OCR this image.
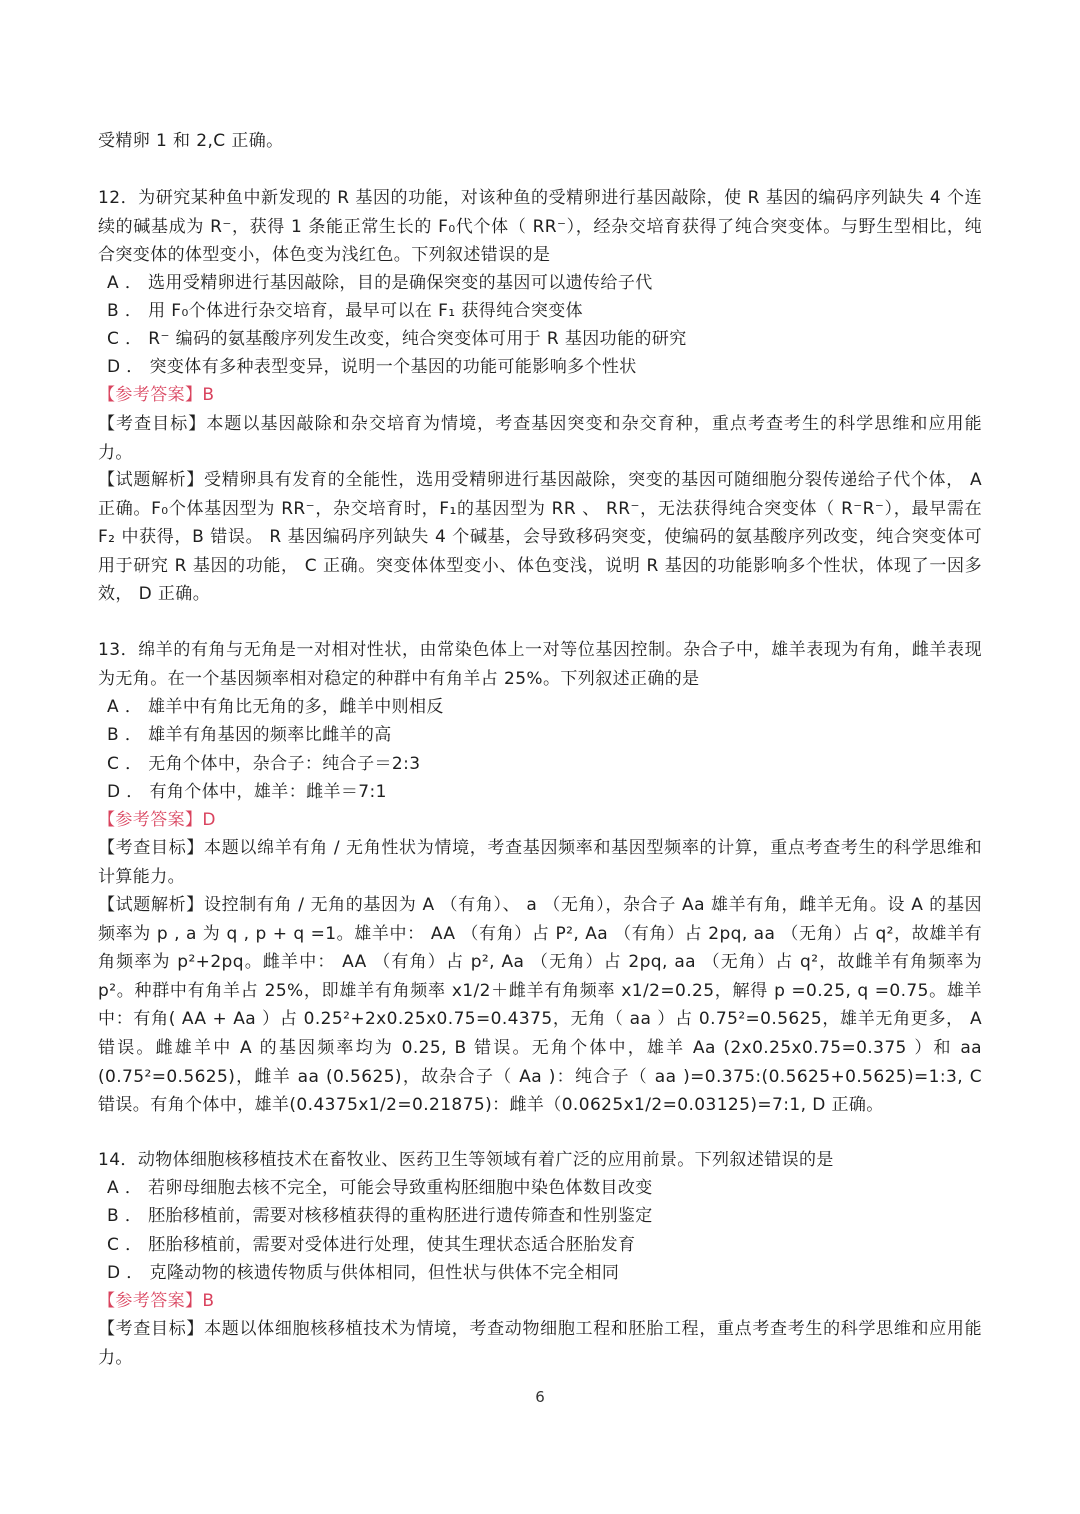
受精卵 1 和 2,C 正确。

12．为研究某种鱼中新发现的 R 基因的功能，对该种鱼的受精卵进行基因敲除，使 R 基因的编码序列缺失 4 个连续的碱基成为 R⁻，获得 1 条能正常生长的 F₀代个体（ RR⁻），经杂交培育获得了纯合突变体。与野生型相比，纯合突变体的体型变小，体色变为浅红色。下列叙述错误的是

A ． 选用受精卵进行基因敲除，目的是确保突变的基因可以遗传给子代

B ． 用 F₀个体进行杂交培育，最早可以在 F₁ 获得纯合突变体

C ． R⁻ 编码的氨基酸序列发生改变，纯合突变体可用于 R 基因功能的研究

D ． 突变体有多种表型变异，说明一个基因的功能可能影响多个性状

【参考答案】B

【考查目标】本题以基因敲除和杂交培育为情境，考查基因突变和杂交育种，重点考查考生的科学思维和应用能力。

【试题解析】受精卵具有发育的全能性，选用受精卵进行基因敲除，突变的基因可随细胞分裂传递给子代个体， A 正确。F₀个体基因型为 RR⁻，杂交培育时，F₁的基因型为 RR 、 RR⁻，无法获得纯合突变体（ R⁻R⁻），最早需在 F₂ 中获得，B 错误。 R 基因编码序列缺失 4 个碱基，会导致移码突变，使编码的氨基酸序列改变，纯合突变体可用于研究 R 基因的功能， C 正确。突变体体型变小、体色变浅，说明 R 基因的功能影响多个性状，体现了一因多效， D 正确。

13．绵羊的有角与无角是一对相对性状，由常染色体上一对等位基因控制。杂合子中，雄羊表现为有角，雌羊表现为无角。在一个基因频率相对稳定的种群中有角羊占 25%。下列叙述正确的是

A ． 雄羊中有角比无角的多，雌羊中则相反

B ． 雄羊有角基因的频率比雌羊的高

C ． 无角个体中，杂合子：纯合子＝2:3

D ． 有角个体中，雄羊：雌羊＝7:1

【参考答案】D

【考查目标】本题以绵羊有角 / 无角性状为情境，考查基因频率和基因型频率的计算，重点考查考生的科学思维和计算能力。

【试题解析】设控制有角 / 无角的基因为 A （有角）、 a （无角），杂合子 Aa 雄羊有角，雌羊无角。设 A 的基因频率为 p , a 为 q , p + q =1。雄羊中： AA （有角）占 P², Aa （有角）占 2pq, aa （无角）占 q²，故雄羊有角频率为 p²+2pq。雌羊中： AA （有角）占 p², Aa （无角）占 2pq, aa （无角）占 q²，故雌羊有角频率为 p²。种群中有角羊占 25%，即雄羊有角频率 x1/2＋雌羊有角频率 x1/2=0.25，解得 p =0.25, q =0.75。雄羊中：有角( AA + Aa ）占 0.25²+2x0.25x0.75=0.4375，无角（ aa ）占 0.75²=0.5625，雄羊无角更多， A 错误。雌雄羊中 A 的基因频率均为 0.25, B 错误。无角个体中，雄羊 Aa (2x0.25x0.75=0.375 ）和 aa (0.75²=0.5625)，雌羊 aa (0.5625)，故杂合子（ Aa )：纯合子（ aa )=0.375:(0.5625+0.5625)=1:3, C 错误。有角个体中，雄羊(0.4375x1/2=0.21875)：雌羊（0.0625x1/2=0.03125)=7:1, D 正确。

14．动物体细胞核移植技术在畜牧业、医药卫生等领域有着广泛的应用前景。下列叙述错误的是

A ． 若卵母细胞去核不完全，可能会导致重构胚细胞中染色体数目改变

B ． 胚胎移植前，需要对核移植获得的重构胚进行遗传筛查和性别鉴定

C ． 胚胎移植前，需要对受体进行处理，使其生理状态适合胚胎发育

D ． 克隆动物的核遗传物质与供体相同，但性状与供体不完全相同

【参考答案】B

【考查目标】本题以体细胞核移植技术为情境，考查动物细胞工程和胚胎工程，重点考查考生的科学思维和应用能力。

6
